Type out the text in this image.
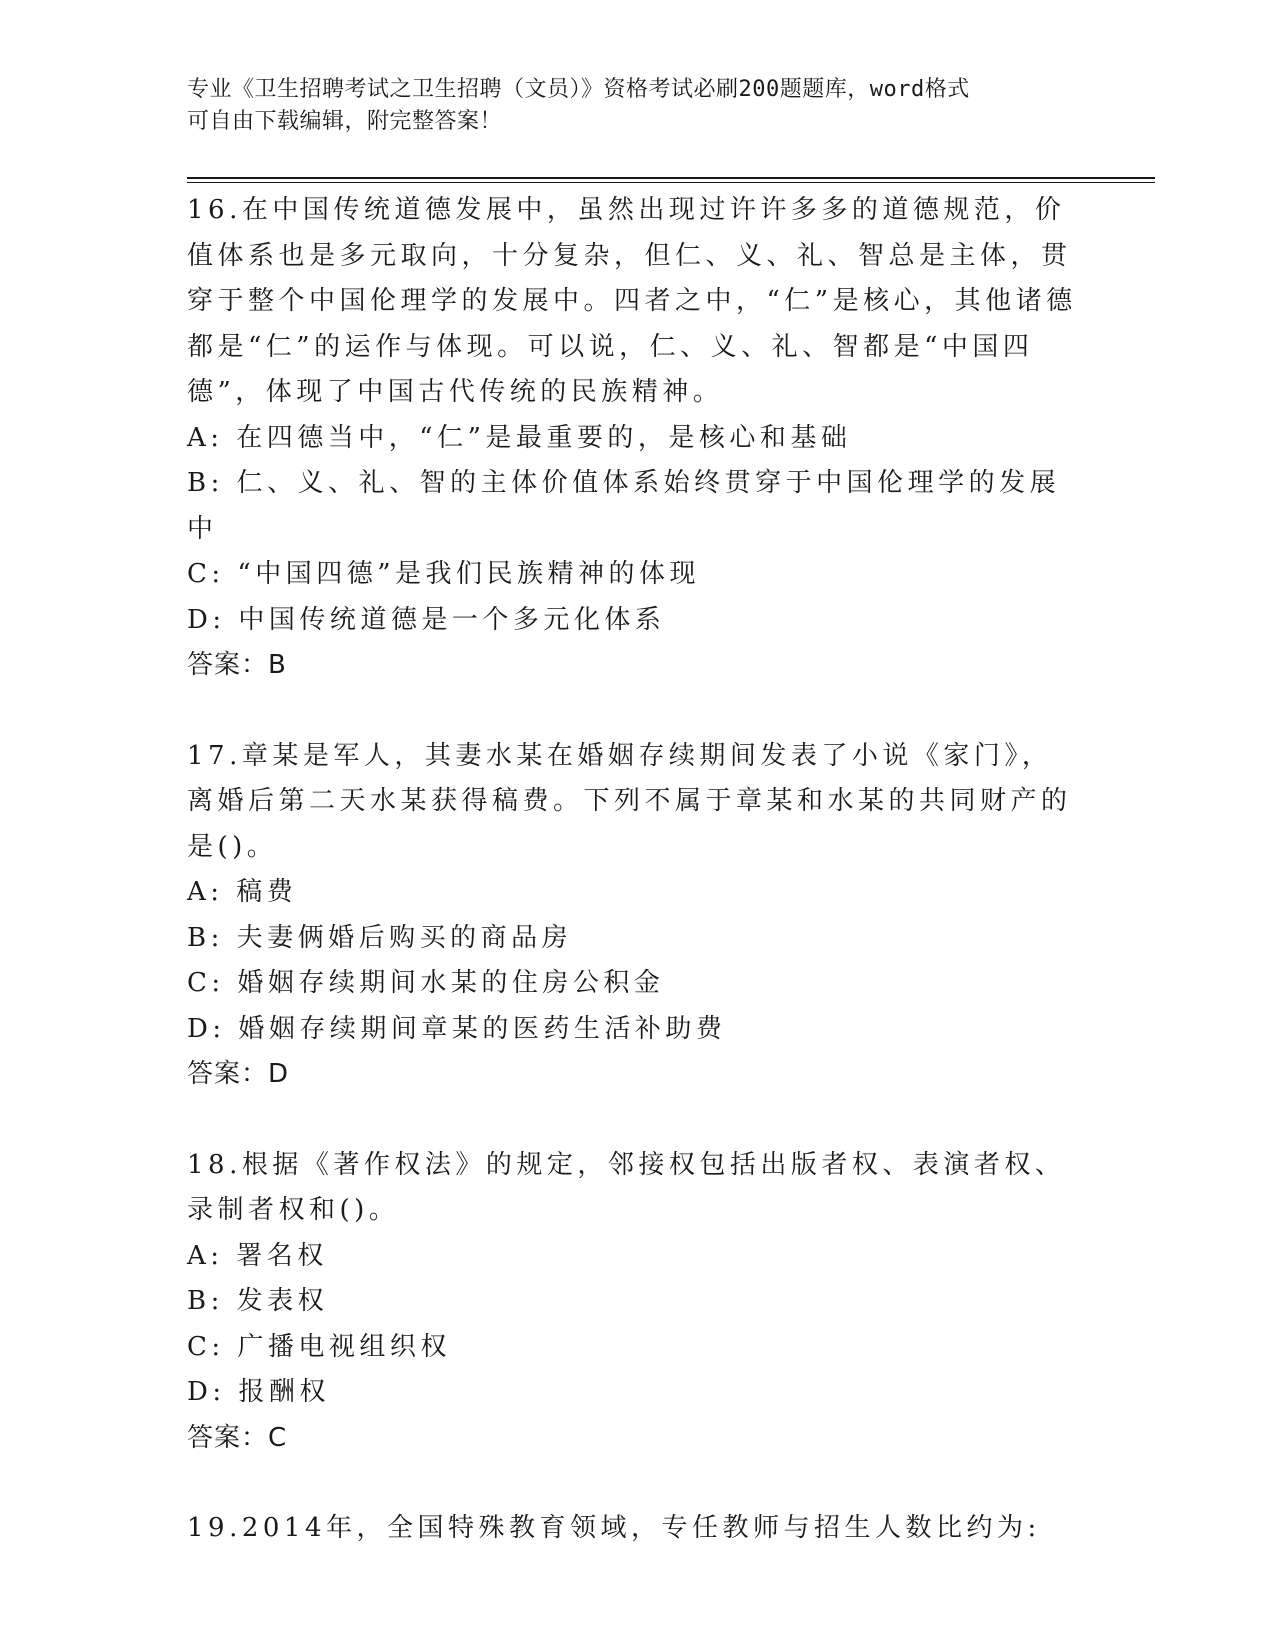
专业《卫生招聘考试之卫生招聘（文员）》资格考试必刷200题题库，word格式
可自由下载编辑，附完整答案！

16.在中国传统道德发展中，虽然出现过许许多多的道德规范，价值体系也是多元取向，十分复杂，但仁、义、礼、智总是主体，贯穿于整个中国伦理学的发展中。四者之中，“仁”是核心，其他诸德都是“仁”的运作与体现。可以说，仁、义、礼、智都是“中国四德”，体现了中国古代传统的民族精神。

A: 在四德当中，“仁”是最重要的，是核心和基础

B: 仁、义、礼、智的主体价值体系始终贯穿于中国伦理学的发展中

C: “中国四德”是我们民族精神的体现

D: 中国传统道德是一个多元化体系

答案：B

17.章某是军人，其妻水某在婚姻存续期间发表了小说《家门》，离婚后第二天水某获得稿费。下列不属于章某和水某的共同财产的是()。

A: 稿费

B: 夫妻俩婚后购买的商品房

C: 婚姻存续期间水某的住房公积金

D: 婚姻存续期间章某的医药生活补助费

答案：D

18.根据《著作权法》的规定，邻接权包括出版者权、表演者权、录制者权和()。

A: 署名权

B: 发表权

C: 广播电视组织权

D: 报酬权

答案：C

19.2014年，全国特殊教育领域，专任教师与招生人数比约为:
